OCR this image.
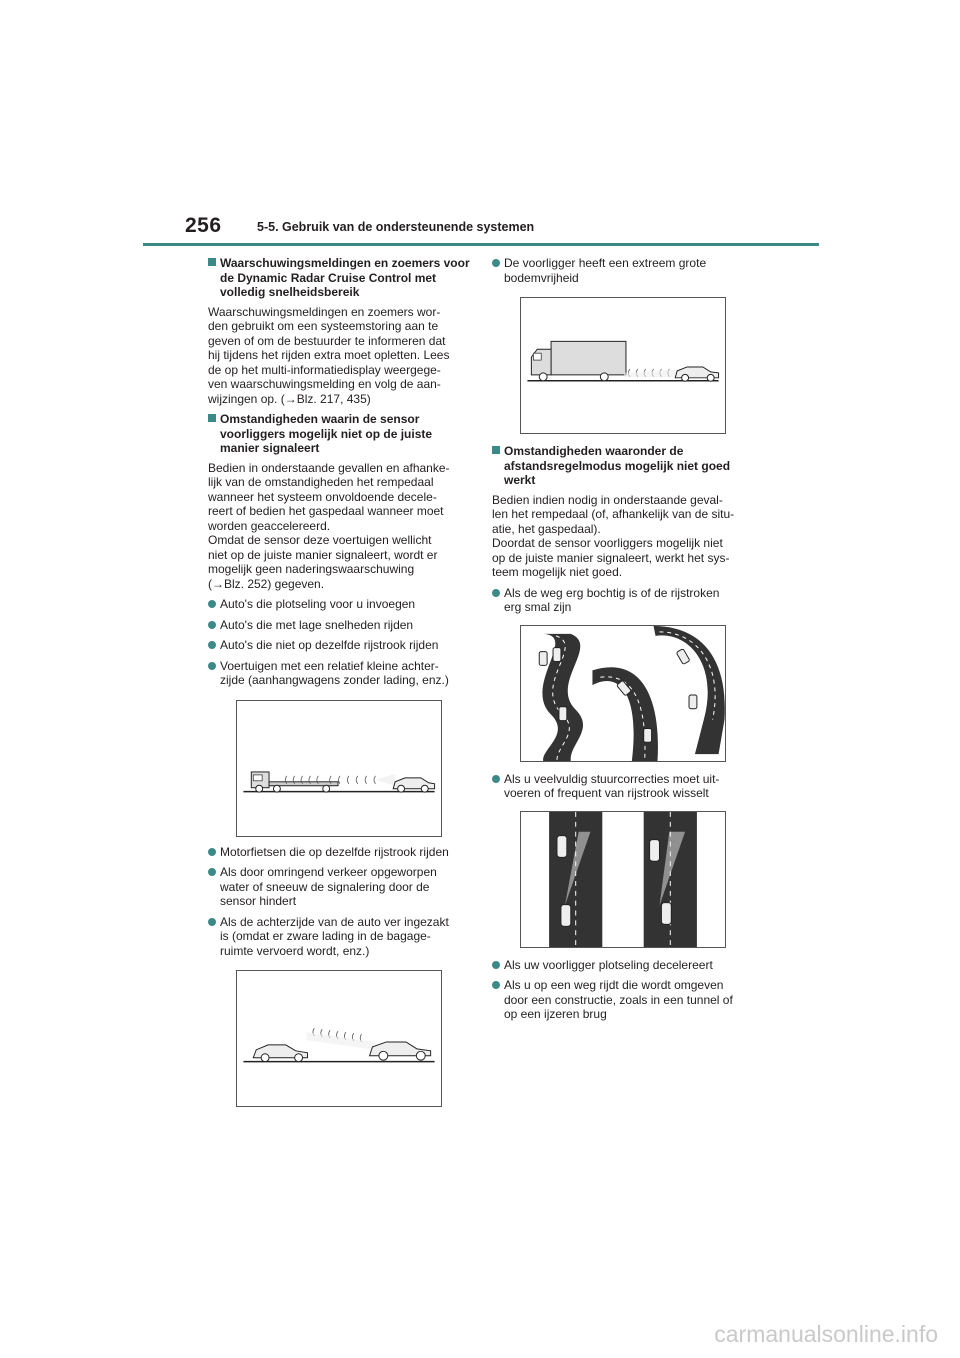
256	5-5. Gebruik van de ondersteunende systemen
Waarschuwingsmeldingen en zoemers voor de Dynamic Radar Cruise Control met volledig snelheidsbereik
Waarschuwingsmeldingen en zoemers wor-
den gebruikt om een systeemstoring aan te
geven of om de bestuurder te informeren dat
hij tijdens het rijden extra moet opletten. Lees
de op het multi-informatiedisplay weergege-
ven waarschuwingsmelding en volg de aan-
wijzingen op. (→Blz. 217, 435)
Omstandigheden waarin de sensor voorliggers mogelijk niet op de juiste manier signaleert
Bedien in onderstaande gevallen en afhanke-
lijk van de omstandigheden het rempedaal
wanneer het systeem onvoldoende decele-
reert of bedien het gaspedaal wanneer moet
worden geaccelereerd.
Omdat de sensor deze voertuigen wellicht
niet op de juiste manier signaleert, wordt er
mogelijk geen naderingswaarschuwing
(→Blz. 252) gegeven.
Auto's die plotseling voor u invoegen
Auto's die met lage snelheden rijden
Auto's die niet op dezelfde rijstrook rijden
Voertuigen met een relatief kleine achter-
zijde (aanhangwagens zonder lading, enz.)
Motorfietsen die op dezelfde rijstrook rijden
Als door omringend verkeer opgeworpen
water of sneeuw de signalering door de
sensor hindert
Als de achterzijde van de auto ver ingezakt
is (omdat er zware lading in de bagage-
ruimte vervoerd wordt, enz.)
De voorligger heeft een extreem grote
bodemvrijheid
Omstandigheden waaronder de afstandsregelmodus mogelijk niet goed werkt
Bedien indien nodig in onderstaande geval-
len het rempedaal (of, afhankelijk van de situ-
atie, het gaspedaal).
Doordat de sensor voorliggers mogelijk niet
op de juiste manier signaleert, werkt het sys-
teem mogelijk niet goed.
Als de weg erg bochtig is of de rijstroken
erg smal zijn
Als u veelvuldig stuurcorrecties moet uit-
voeren of frequent van rijstrook wisselt
Als uw voorligger plotseling decelereert
Als u op een weg rijdt die wordt omgeven
door een constructie, zoals in een tunnel of
op een ijzeren brug
carmanualsonline.info
